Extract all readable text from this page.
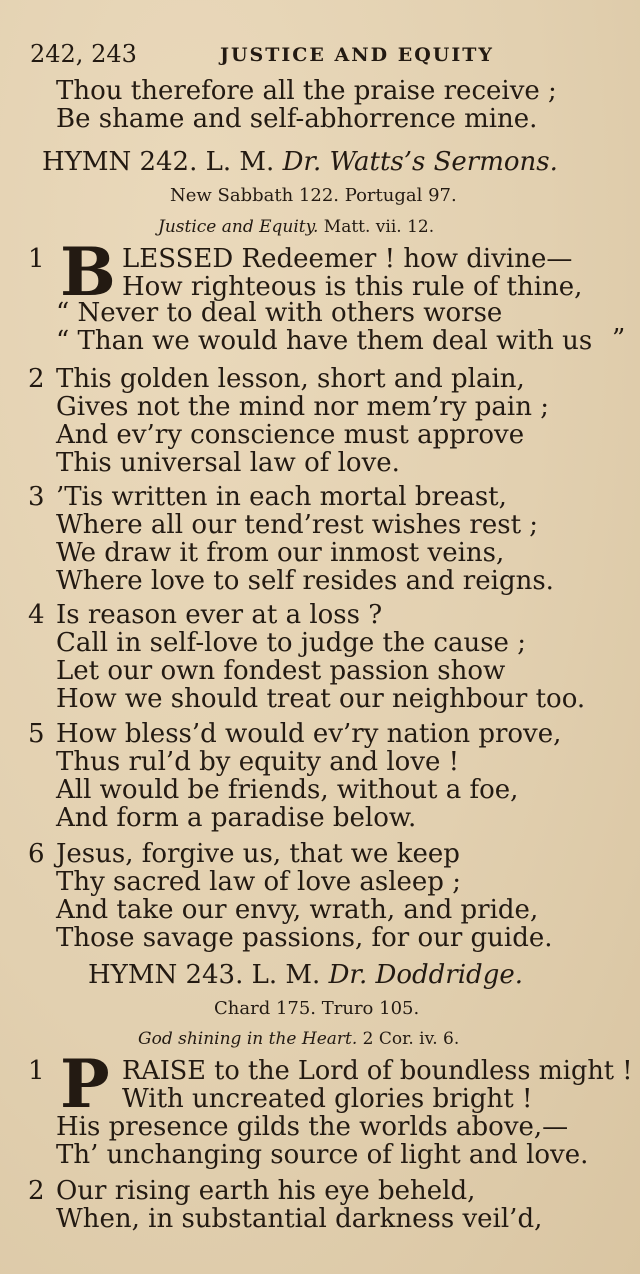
242, 243	JUSTICE AND EQUITY
Thou therefore all the praise receive ;
Be shame and self-abhorrence mine.
HYMN 242. L. M. Dr. Watts’s Sermons.
New Sabbath 122. Portugal 97.
Justice and Equity. Matt. vii. 12.
1 B LESSED Redeemer ! how divine—
How righteous is this rule of thine,
“ Never to deal with others worse
“ Than we would have them deal with us ”
2 This golden lesson, short and plain,
Gives not the mind nor mem’ry pain ;
And ev’ry conscience must approve
This universal law of love.
3 ’Tis written in each mortal breast,
Where all our tend’rest wishes rest ;
We draw it from our inmost veins,
Where love to self resides and reigns.
4 Is reason ever at a loss ?
Call in self-love to judge the cause ;
Let our own fondest passion show
How we should treat our neighbour too.
5 How bless’d would ev’ry nation prove,
Thus rul’d by equity and love !
All would be friends, without a foe,
And form a paradise below.
6 Jesus, forgive us, that we keep
Thy sacred law of love asleep ;
And take our envy, wrath, and pride,
Those savage passions, for our guide.
HYMN 243. L. M. Dr. Doddridge.
Chard 175. Truro 105.
God shining in the Heart. 2 Cor. iv. 6.
1 P RAISE to the Lord of boundless might !
With uncreated glories bright !
His presence gilds the worlds above,—
Th’ unchanging source of light and love.
2 Our rising earth his eye beheld,
When, in substantial darkness veil’d,
